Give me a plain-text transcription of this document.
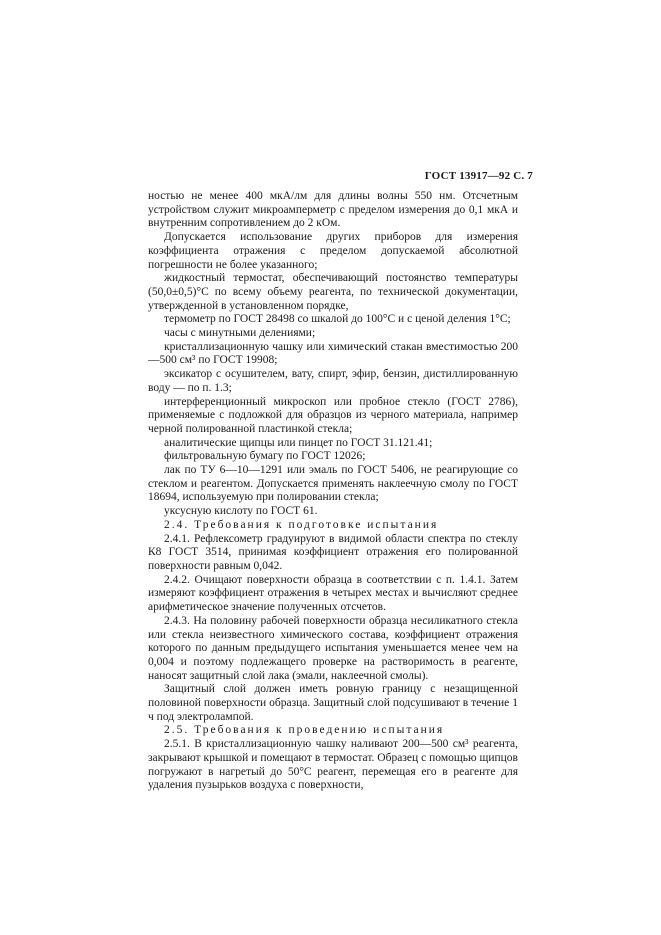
ГОСТ 13917—92 С. 7

ностью не менее 400 мкА/лм для длины волны 550 нм. Отсчетным устройством служит микроамперметр с пределом измерения до 0,1 мкА и внутренним сопротивлением до 2 кОм.

Допускается использование других приборов для измерения коэффициента отражения с пределом допускаемой абсолютной погрешности не более указанного;

жидкостный термостат, обеспечивающий постоянство температуры (50,0±0,5)°С по всему объему реагента, по технической документации, утвержденной в установленном порядке,

термометр по ГОСТ 28498 со шкалой до 100°С и с ценой деления 1°С;

часы с минутными делениями;

кристаллизационную чашку или химический стакан вместимостью 200—500 см³ по ГОСТ 19908;

эксикатор с осушителем, вату, спирт, эфир, бензин, дистиллированную воду — по п. 1.3;

интерференционный микроскоп или пробное стекло (ГОСТ 2786), применяемые с подложкой для образцов из черного материала, например черной полированной пластинкой стекла;

аналитические щипцы или пинцет по ГОСТ 31.121.41;

фильтровальную бумагу по ГОСТ 12026;

лак по ТУ 6—10—1291 или эмаль по ГОСТ 5406, не реагирующие со стеклом и реагентом. Допускается применять наклеечную смолу по ГОСТ 18694, используемую при полировании стекла;

уксусную кислоту по ГОСТ 61.

2.4. Требования к подготовке испытания

2.4.1. Рефлексометр градуируют в видимой области спектра по стеклу К8 ГОСТ 3514, принимая коэффициент отражения его полированной поверхности равным 0,042.

2.4.2. Очищают поверхности образца в соответствии с п. 1.4.1. Затем измеряют коэффициент отражения в четырех местах и вычисляют среднее арифметическое значение полученных отсчетов.

2.4.3. На половину рабочей поверхности образца несиликатного стекла или стекла неизвестного химического состава, коэффициент отражения которого по данным предыдущего испытания уменьшается менее чем на 0,004 и поэтому подлежащего проверке на растворимость в реагенте, наносят защитный слой лака (эмали, наклеечной смолы).

Защитный слой должен иметь ровную границу с незащищенной половиной поверхности образца. Защитный слой подсушивают в течение 1 ч под электролампой.

2.5. Требования к проведению испытания

2.5.1. В кристаллизационную чашку наливают 200—500 см³ реагента, закрывают крышкой и помещают в термостат. Образец с помощью щипцов погружают в нагретый до 50°С реагент, перемещая его в реагенте для удаления пузырьков воздуха с поверхности,
